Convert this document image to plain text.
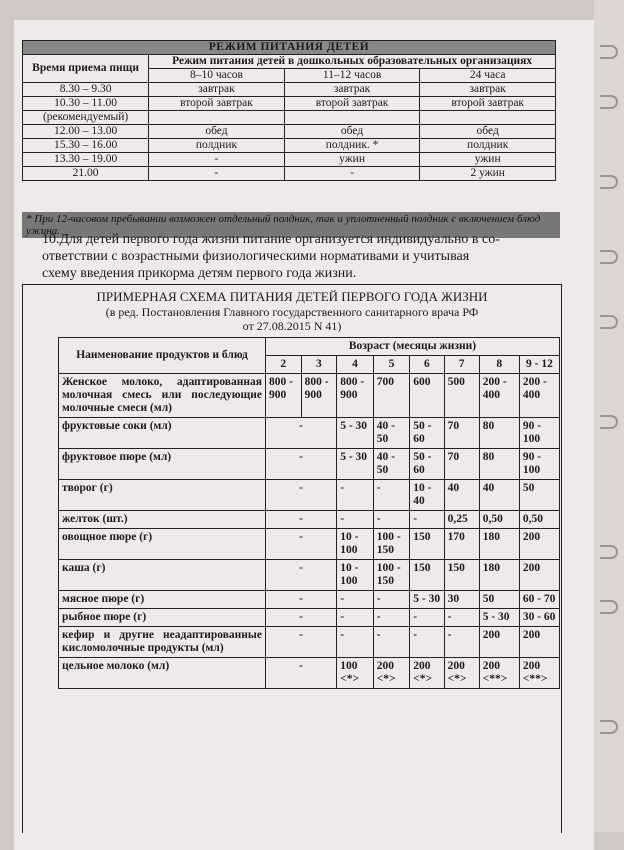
РЕЖИМ ПИТАНИЯ ДЕТЕЙ			
Время приема пищи	Режим питания детей в дошкольных образовательных организациях		
	8–10 часов	11–12 часов	24 часа
8.30 – 9.30	завтрак	завтрак	завтрак
10.30 – 11.00	второй завтрак	второй завтрак	второй завтрак
(рекомендуемый)			
12.00 – 13.00	обед	обед	обед
15.30 – 16.00	полдник	полдник. *	полдник
13.30 – 19.00	-	ужин	ужин
21.00	-	-	2 ужин
* При 12-часовом пребывании возможен отдельный полдник, так и уплотненный полдник с включением блюд ужина.
10.Для детей первого года жизни питание организуется индивидуально в со-
ответствии с возрастными физиологическими нормативами и учитывая
схему введения прикорма детям первого года жизни.
ПРИМЕРНАЯ СХЕМА ПИТАНИЯ ДЕТЕЙ ПЕРВОГО ГОДА ЖИЗНИ
(в ред. Постановления Главного государственного санитарного врача РФ
от 27.08.2015 N 41)
Наименование продуктов и блюд	Возраст (месяцы жизни)							
	2	3	4	5	6	7	8	9 - 12
Женское молоко, адаптированная молочная смесь или последующие молочные смеси (мл)	800 - 900	800 - 900	800 - 900	700	600	500	200 - 400	200 - 400
фруктовые соки (мл)	-		5 - 30	40 - 50	50 - 60	70	80	90 - 100
фруктовое пюре (мл)	-		5 - 30	40 - 50	50 - 60	70	80	90 - 100
творог (г)	-		-	-	10 - 40	40	40	50
желток (шт.)	-		-	-	-	0,25	0,50	0,50
овощное пюре (г)	-		10 - 100	100 - 150	150	170	180	200
каша (г)	-		10 - 100	100 - 150	150	150	180	200
мясное пюре (г)	-		-	-	5 - 30	30	50	60 - 70
рыбное пюре (г)	-		-	-	-	-	5 - 30	30 - 60
кефир и другие неадаптированные кисломолочные продукты (мл)	-		-	-	-	-	200	200
цельное молоко (мл)	-		100 <*>	200 <*>	200 <*>	200 <*>	200 <**>	200 <**>
